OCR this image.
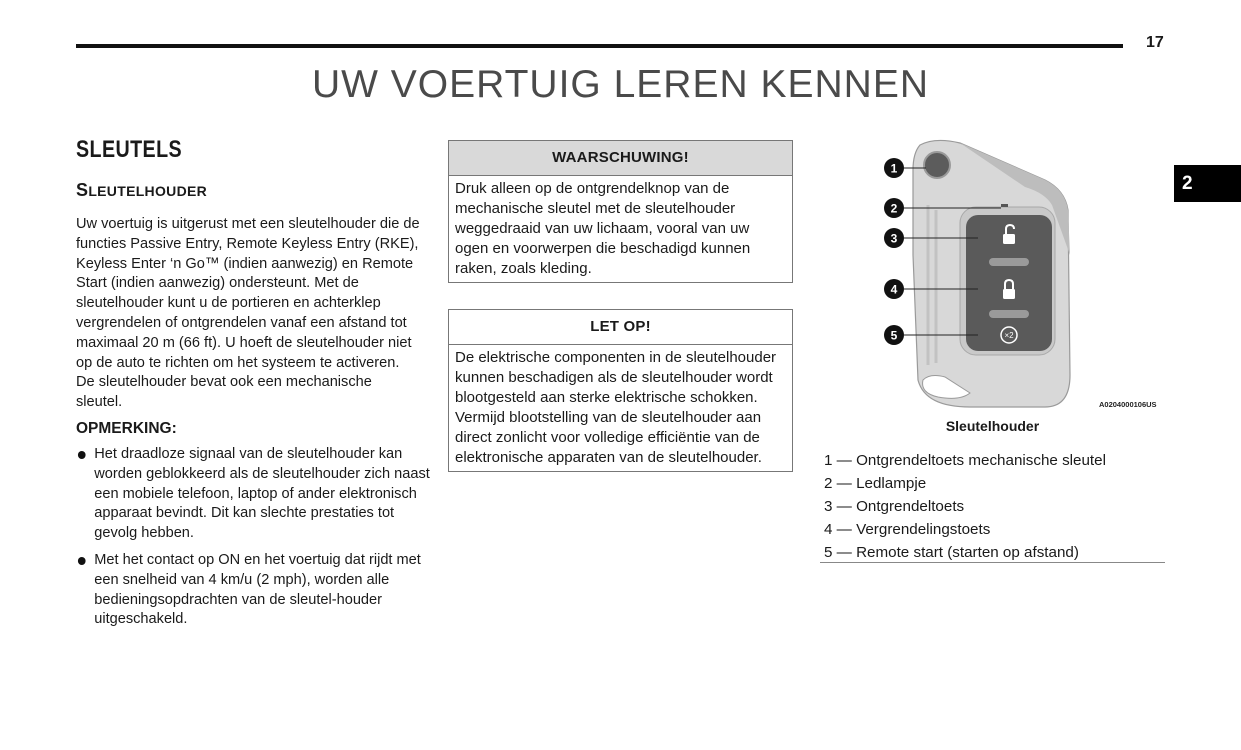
17
UW VOERTUIG LEREN KENNEN
2
SLEUTELS
SLEUTELHOUDER
Uw voertuig is uitgerust met een sleutelhouder die de functies Passive Entry, Remote Keyless Entry (RKE), Keyless Enter ‘n Go™ (indien aanwezig) en Remote Start (indien aanwezig) ondersteunt. Met de sleutelhouder kunt u de portieren en achterklep vergrendelen of ontgrendelen vanaf een afstand tot maximaal 20 m (66 ft). U hoeft de sleutelhouder niet op de auto te richten om het systeem te activeren. De sleutelhouder bevat ook een mechanische sleutel.
OPMERKING:
Het draadloze signaal van de sleutelhouder kan worden geblokkeerd als de sleutelhouder zich naast een mobiele telefoon, laptop of ander elektronisch apparaat bevindt. Dit kan slechte prestaties tot gevolg hebben.
Met het contact op ON en het voertuig dat rijdt met een snelheid van 4 km/u (2 mph), worden alle bedieningsopdrachten van de sleutel-houder uitgeschakeld.
WAARSCHUWING!
Druk alleen op de ontgrendelknop van de mechanische sleutel met de sleutelhouder weggedraaid van uw lichaam, vooral van uw ogen en voorwerpen die beschadigd kunnen raken, zoals kleding.
LET OP!
De elektrische componenten in de sleutelhouder kunnen beschadigen als de sleutelhouder wordt blootgesteld aan sterke elektrische schokken. Vermijd blootstelling van de sleutelhouder aan direct zonlicht voor volledige efficiëntie van de elektronische apparaten van de sleutelhouder.
×2
1
2
3
4
5
A0204000106US
Sleutelhouder
1 — Ontgrendeltoets mechanische sleutel
2 — Ledlampje
3 — Ontgrendeltoets
4 — Vergrendelingstoets
5 — Remote start (starten op afstand)
